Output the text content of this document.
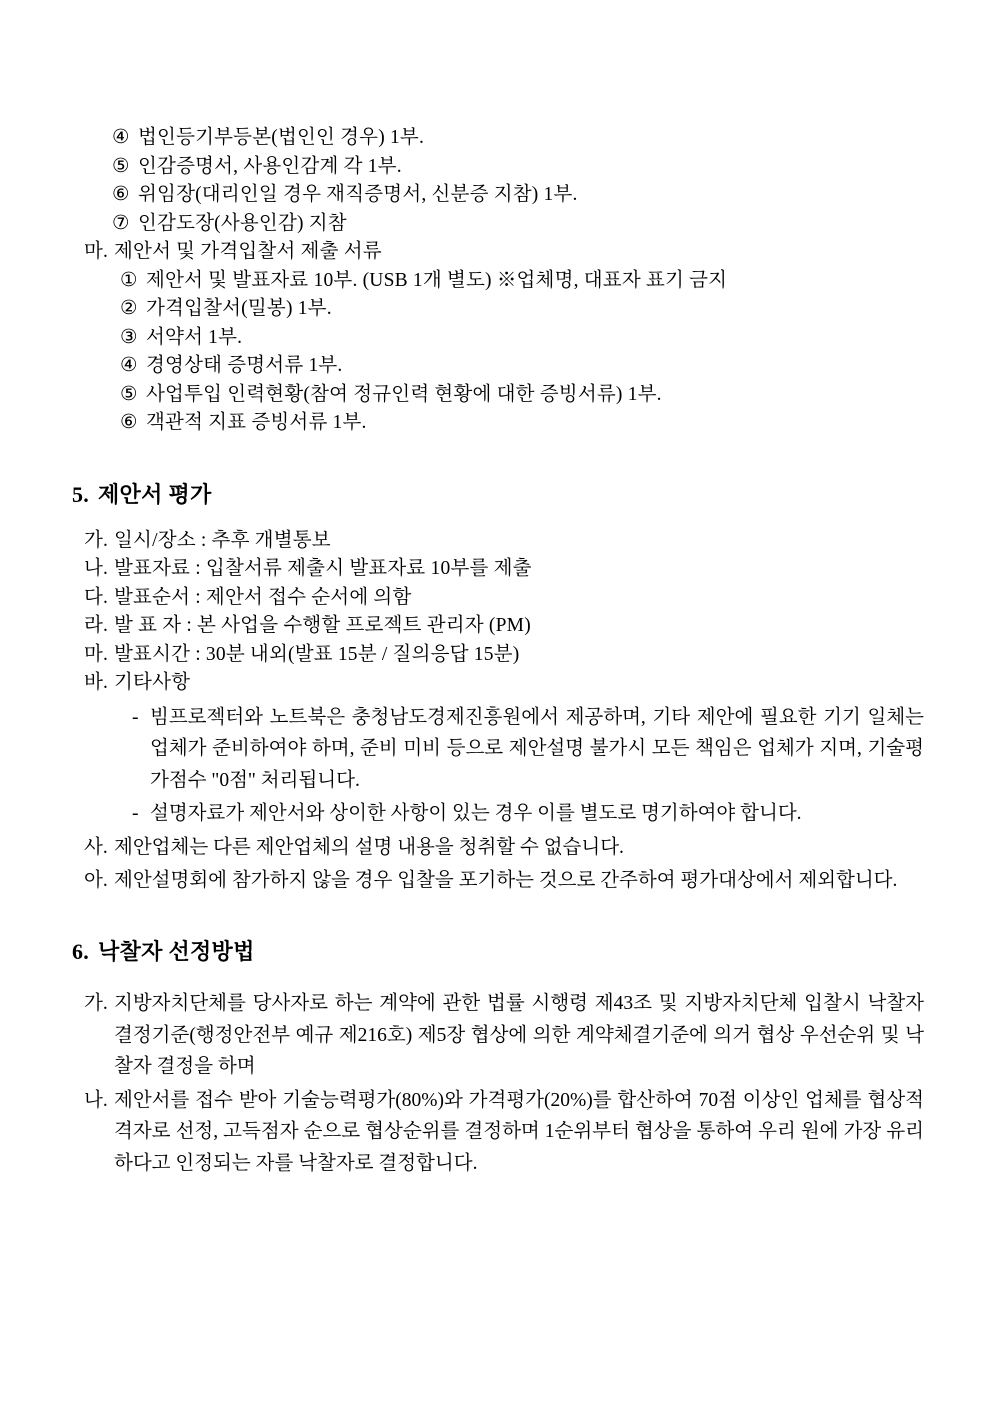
④ 법인등기부등본(법인인 경우) 1부.
⑤ 인감증명서, 사용인감계 각 1부.
⑥ 위임장(대리인일 경우 재직증명서, 신분증 지참) 1부.
⑦ 인감도장(사용인감) 지참
마. 제안서 및 가격입찰서 제출 서류
① 제안서 및 발표자료 10부. (USB 1개 별도) ※업체명, 대표자 표기 금지
② 가격입찰서(밀봉) 1부.
③ 서약서 1부.
④ 경영상태 증명서류 1부.
⑤ 사업투입 인력현황(참여 정규인력 현황에 대한 증빙서류) 1부.
⑥ 객관적 지표 증빙서류 1부.
5. 제안서 평가
가. 일시/장소 : 추후 개별통보
나. 발표자료 : 입찰서류 제출시 발표자료 10부를 제출
다. 발표순서 : 제안서 접수 순서에 의함
라. 발 표 자 : 본 사업을 수행할 프로젝트 관리자 (PM)
마. 발표시간 : 30분 내외(발표 15분 / 질의응답 15분)
바. 기타사항
- 빔프로젝터와 노트북은 충청남도경제진흥원에서 제공하며, 기타 제안에 필요한 기기 일체는 업체가 준비하여야 하며, 준비 미비 등으로 제안설명 불가시 모든 책임은 업체가 지며, 기술평가점수 "0점" 처리됩니다.
- 설명자료가 제안서와 상이한 사항이 있는 경우 이를 별도로 명기하여야 합니다.
사. 제안업체는 다른 제안업체의 설명 내용을 청취할 수 없습니다.
아. 제안설명회에 참가하지 않을 경우 입찰을 포기하는 것으로 간주하여 평가대상에서 제외합니다.
6. 낙찰자 선정방법
가. 지방자치단체를 당사자로 하는 계약에 관한 법률 시행령 제43조 및 지방자치단체 입찰시 낙찰자 결정기준(행정안전부 예규 제216호) 제5장 협상에 의한 계약체결기준에 의거 협상 우선순위 및 낙찰자 결정을 하며
나. 제안서를 접수 받아 기술능력평가(80%)와 가격평가(20%)를 합산하여 70점 이상인 업체를 협상적격자로 선정, 고득점자 순으로 협상순위를 결정하며 1순위부터 협상을 통하여 우리 원에 가장 유리하다고 인정되는 자를 낙찰자로 결정합니다.
